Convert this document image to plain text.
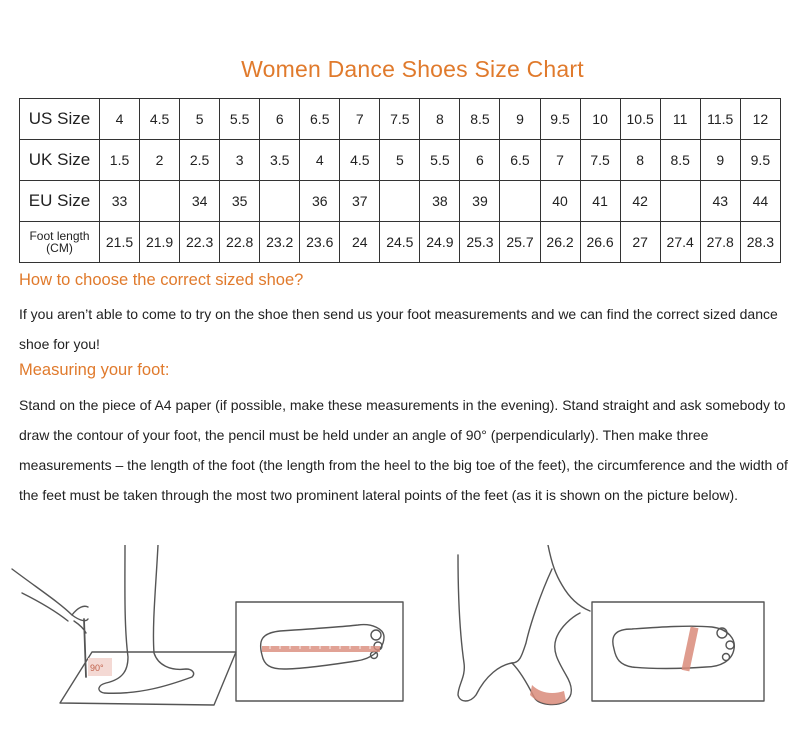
Women Dance Shoes Size Chart
US Size	4	4.5	5	5.5	6	6.5	7	7.5	8	8.5	9	9.5	10	10.5	11	11.5	12
UK Size	1.5	2	2.5	3	3.5	4	4.5	5	5.5	6	6.5	7	7.5	8	8.5	9	9.5
EU Size	33		34	35		36	37		38	39		40	41	42		43	44

Foot length
(CM)	21.5	21.9	22.3	22.8	23.2	23.6	24	24.5	24.9	25.3	25.7	26.2	26.6	27	27.4	27.8	28.3
How to choose the correct sized shoe?
If you aren’t able to come to try on the shoe then send us your foot measurements and we can find the correct sized dance shoe for you!
Measuring your foot:
Stand on the piece of A4 paper (if possible, make these measurements in the evening). Stand straight and ask somebody to draw the contour of your foot, the pencil must be held under an angle of 90° (perpendicularly). Then make three measurements – the length of the foot (the length from the heel to the big toe of the feet), the circumference and the width of the feet must be taken through the most two prominent lateral points of the feet (as it is shown on the picture below).
90°
